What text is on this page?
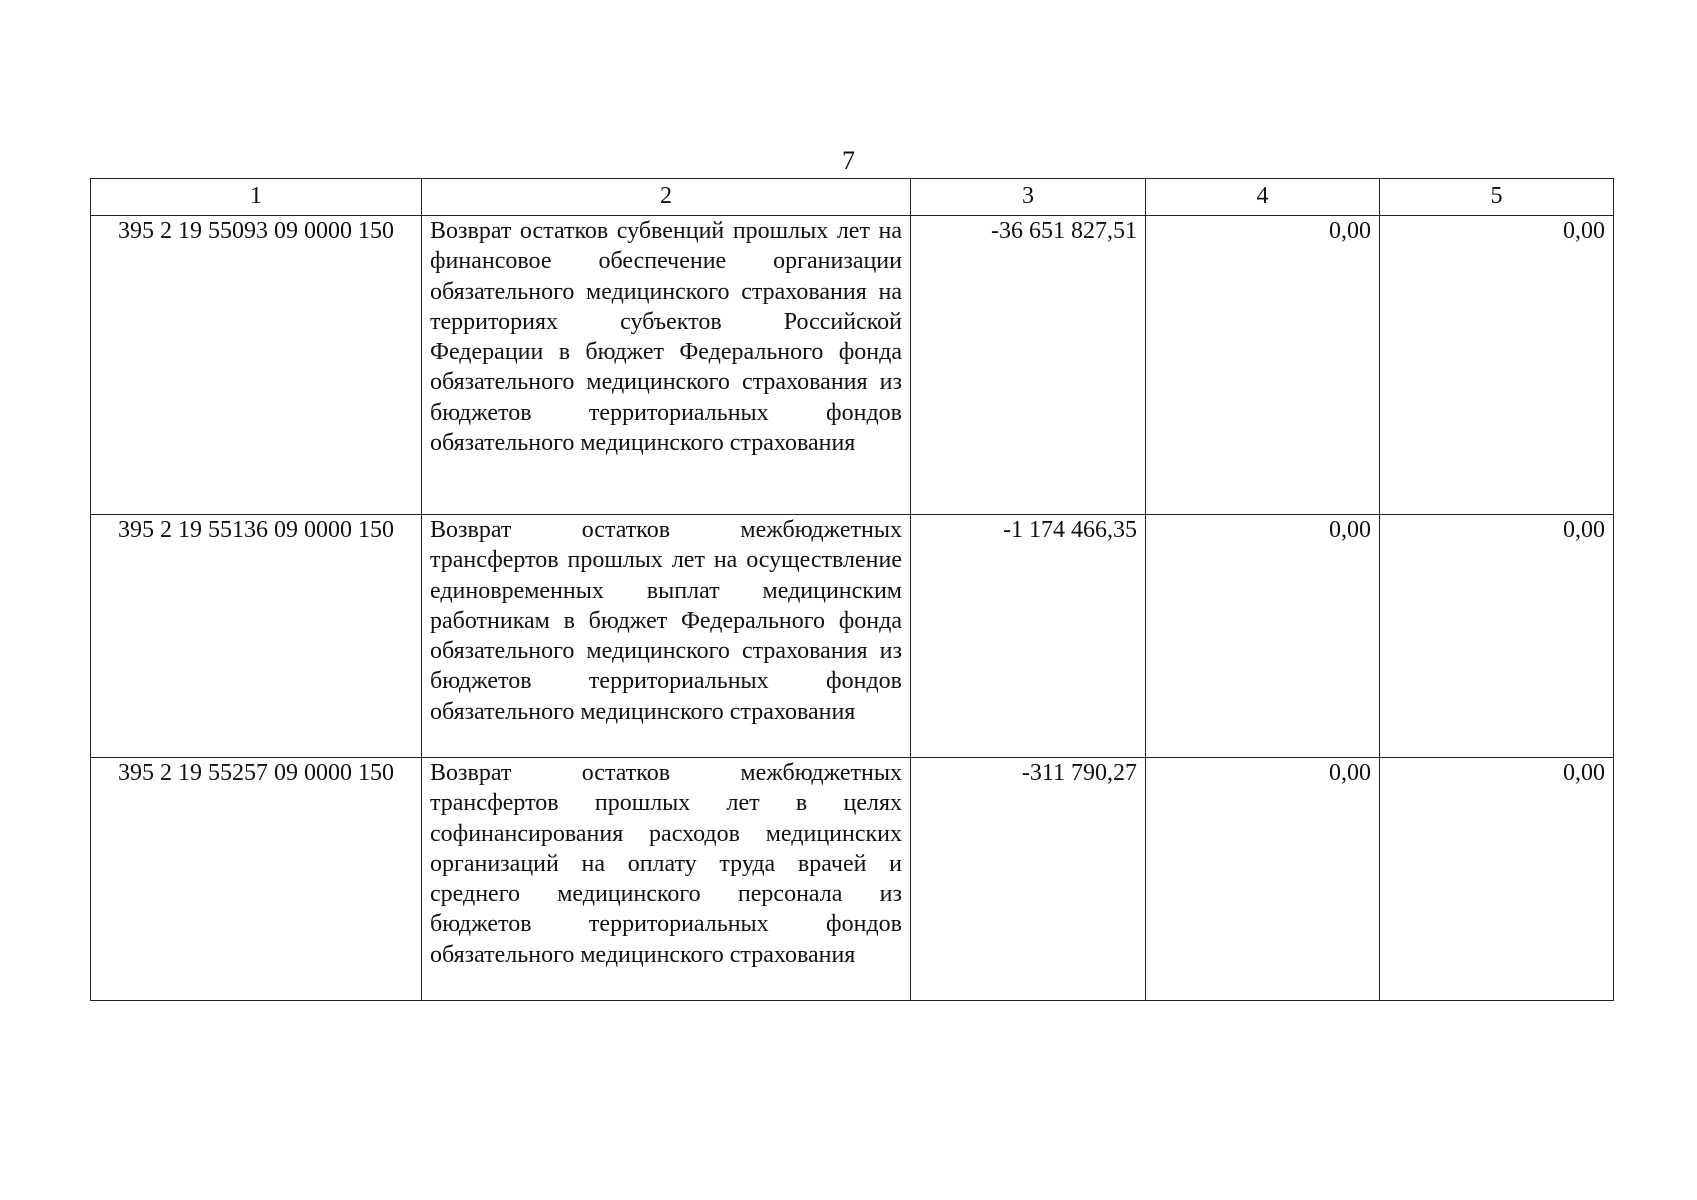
7
1	2	3	4	5
395 2 19 55093 09 0000 150	Возврат остатков субвенций прошлых лет на финансовое обеспечение организации обязательного медицинского страхования на территориях субъектов Российской Федерации в бюджет Федерального фонда обязательного медицинского страхования из бюджетов территориальных фондов обязательного медицинского страхования	-36 651 827,51	0,00	0,00
395 2 19 55136 09 0000 150	Возврат остатков межбюджетных трансфертов прошлых лет на осуществление единовременных выплат медицинским работникам в бюджет Федерального фонда обязательного медицинского страхования из бюджетов территориальных фондов обязательного медицинского страхования	-1 174 466,35	0,00	0,00
395 2 19 55257 09 0000 150	Возврат остатков межбюджетных трансфертов прошлых лет в целях софинансирования расходов медицинских организаций на оплату труда врачей и среднего медицинского персонала из бюджетов территориальных фондов обязательного медицинского страхования	-311 790,27	0,00	0,00
